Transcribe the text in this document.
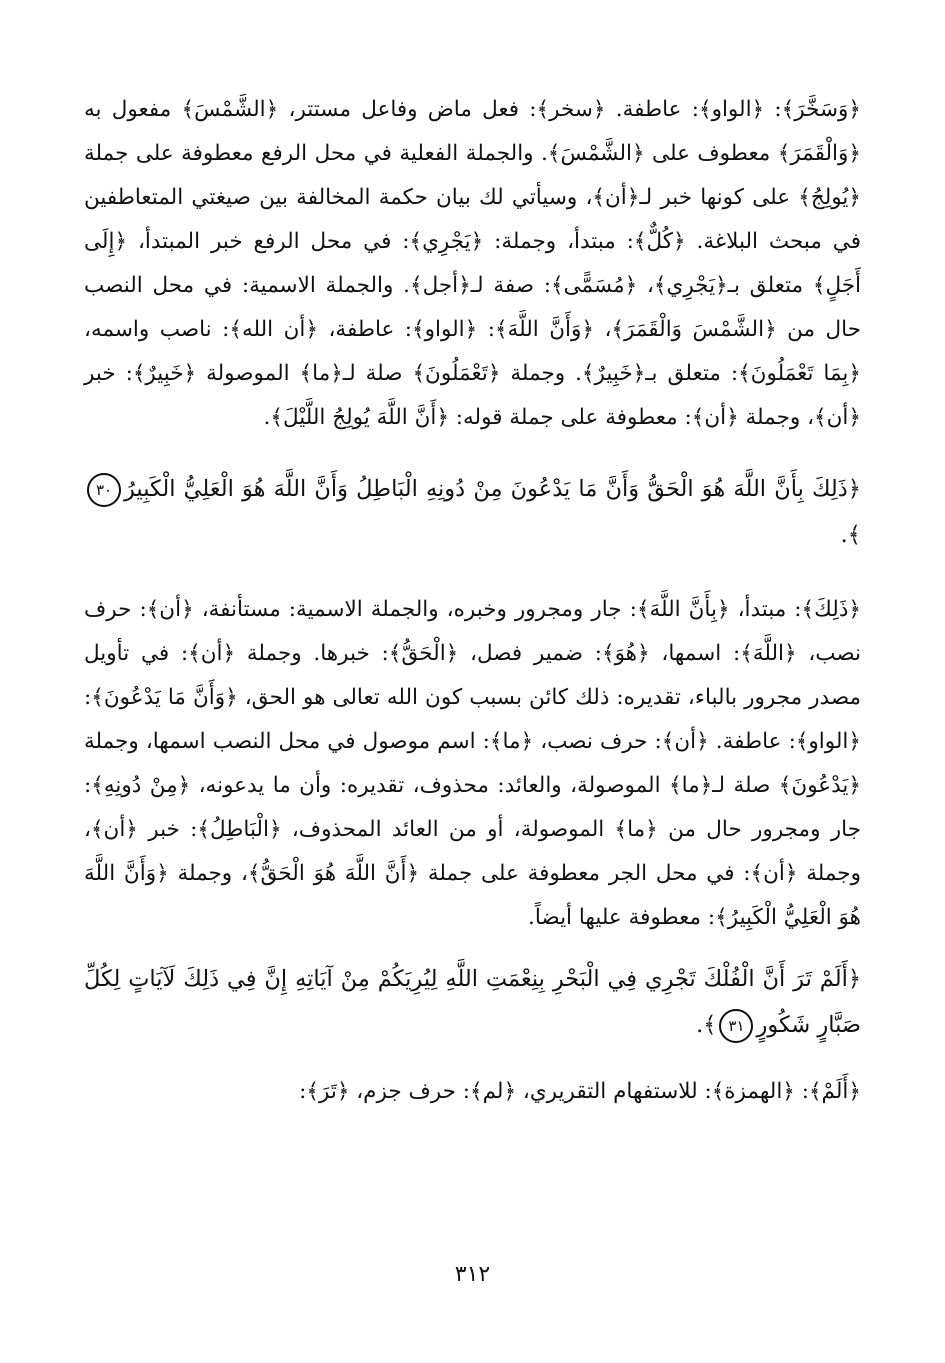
﴿وَسَخَّرَ﴾: ﴿الواو﴾: عاطفة. ﴿سخر﴾: فعل ماض وفاعل مستتر، ﴿الشَّمْسَ﴾ مفعول به ﴿وَالْقَمَرَ﴾ معطوف على ﴿الشَّمْسَ﴾. والجملة الفعلية في محل الرفع معطوفة على جملة ﴿يُولِجُ﴾ على كونها خبر لـ﴿أن﴾، وسيأتي لك بيان حكمة المخالفة بين صيغتي المتعاطفين في مبحث البلاغة. ﴿كُلٌّ﴾: مبتدأ، وجملة: ﴿يَجْرِي﴾: في محل الرفع خبر المبتدأ، ﴿إِلَى أَجَلٍ﴾ متعلق بـ﴿يَجْرِي﴾، ﴿مُسَمًّى﴾: صفة لـ﴿أجل﴾. والجملة الاسمية: في محل النصب حال من ﴿الشَّمْسَ وَالْقَمَرَ﴾، ﴿وَأَنَّ اللَّهَ﴾: ﴿الواو﴾: عاطفة، ﴿أن الله﴾: ناصب واسمه، ﴿بِمَا تَعْمَلُونَ﴾: متعلق بـ﴿خَبِيرٌ﴾. وجملة ﴿تَعْمَلُونَ﴾ صلة لـ﴿ما﴾ الموصولة ﴿خَبِيرٌ﴾: خبر ﴿أن﴾، وجملة ﴿أن﴾: معطوفة على جملة قوله: ﴿أَنَّ اللَّهَ يُولِجُ اللَّيْلَ﴾.

﴿ذَلِكَ بِأَنَّ اللَّهَ هُوَ الْحَقُّ وَأَنَّ مَا يَدْعُونَ مِنْ دُونِهِ الْبَاطِلُ وَأَنَّ اللَّهَ هُوَ الْعَلِيُّ الْكَبِيرُ٣٠﴾.

﴿ذَلِكَ﴾: مبتدأ، ﴿بِأَنَّ اللَّهَ﴾: جار ومجرور وخبره، والجملة الاسمية: مستأنفة، ﴿أن﴾: حرف نصب، ﴿اللَّهَ﴾: اسمها، ﴿هُوَ﴾: ضمير فصل، ﴿الْحَقُّ﴾: خبرها. وجملة ﴿أن﴾: في تأويل مصدر مجرور بالباء، تقديره: ذلك كائن بسبب كون الله تعالى هو الحق، ﴿وَأَنَّ مَا يَدْعُونَ﴾: ﴿الواو﴾: عاطفة. ﴿أن﴾: حرف نصب، ﴿ما﴾: اسم موصول في محل النصب اسمها، وجملة ﴿يَدْعُونَ﴾ صلة لـ﴿ما﴾ الموصولة، والعائد: محذوف، تقديره: وأن ما يدعونه، ﴿مِنْ دُونِهِ﴾: جار ومجرور حال من ﴿ما﴾ الموصولة، أو من العائد المحذوف، ﴿الْبَاطِلُ﴾: خبر ﴿أن﴾، وجملة ﴿أن﴾: في محل الجر معطوفة على جملة ﴿أَنَّ اللَّهَ هُوَ الْحَقُّ﴾، وجملة ﴿وَأَنَّ اللَّهَ هُوَ الْعَلِيُّ الْكَبِيرُ﴾: معطوفة عليها أيضاً.

﴿أَلَمْ تَرَ أَنَّ الْفُلْكَ تَجْرِي فِي الْبَحْرِ بِنِعْمَتِ اللَّهِ لِيُرِيَكُمْ مِنْ آيَاتِهِ إِنَّ فِي ذَلِكَ لَآيَاتٍ لِكُلِّ صَبَّارٍ شَكُورٍ٣١﴾.

﴿أَلَمْ﴾: ﴿الهمزة﴾: للاستفهام التقريري، ﴿لم﴾: حرف جزم، ﴿تَرَ﴾:

٣١٢
